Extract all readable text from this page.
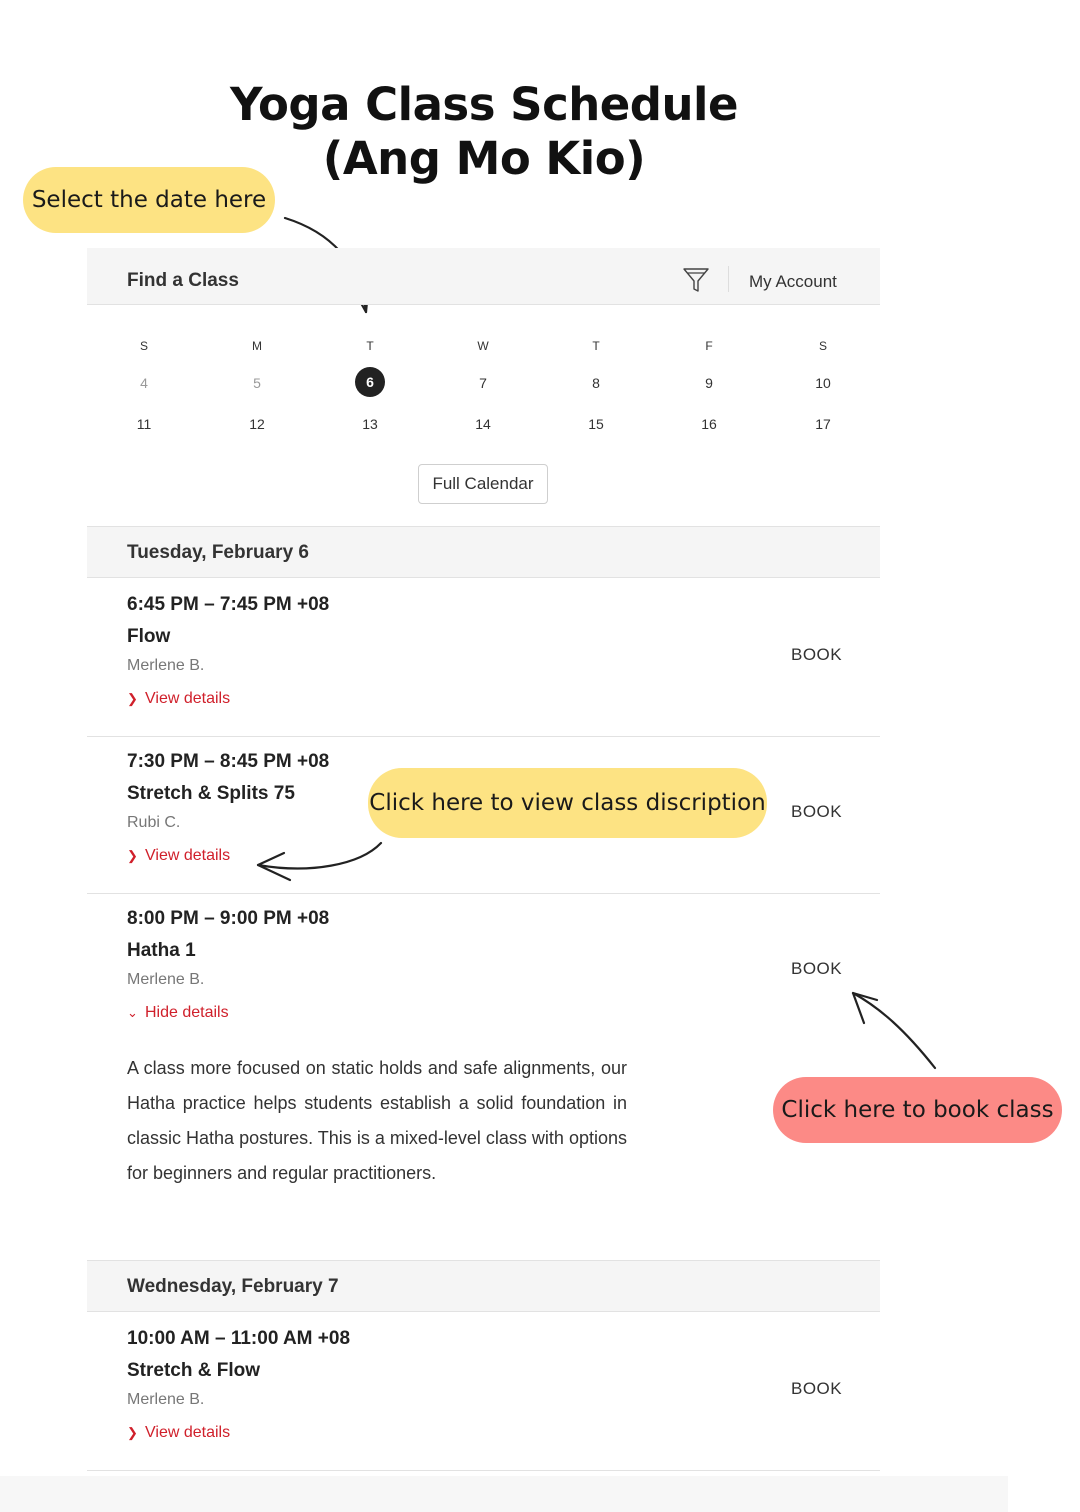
Yoga Class Schedule
(Ang Mo Kio)
Select the date here
Click here to view class discription
Click here to book class
Find a Class	My Account
S	M	T	W	T	F	S
4	5	6	7	8	9	10
11	12	13	14	15	16	17
Full Calendar
Tuesday, February 6
6:45 PM – 7:45 PM +08
Flow
Merlene B.
❯ View details
BOOK
7:30 PM – 8:45 PM +08
Stretch & Splits 75
Rubi C.
❯ View details
BOOK
8:00 PM – 9:00 PM +08
Hatha 1
Merlene B.
⌄ Hide details
BOOK
A class more focused on static holds and safe alignments, our Hatha practice helps students establish a solid foundation in classic Hatha postures. This is a mixed-level class with options for beginners and regular practitioners.
Wednesday, February 7
10:00 AM – 11:00 AM +08
Stretch & Flow
Merlene B.
❯ View details
BOOK
